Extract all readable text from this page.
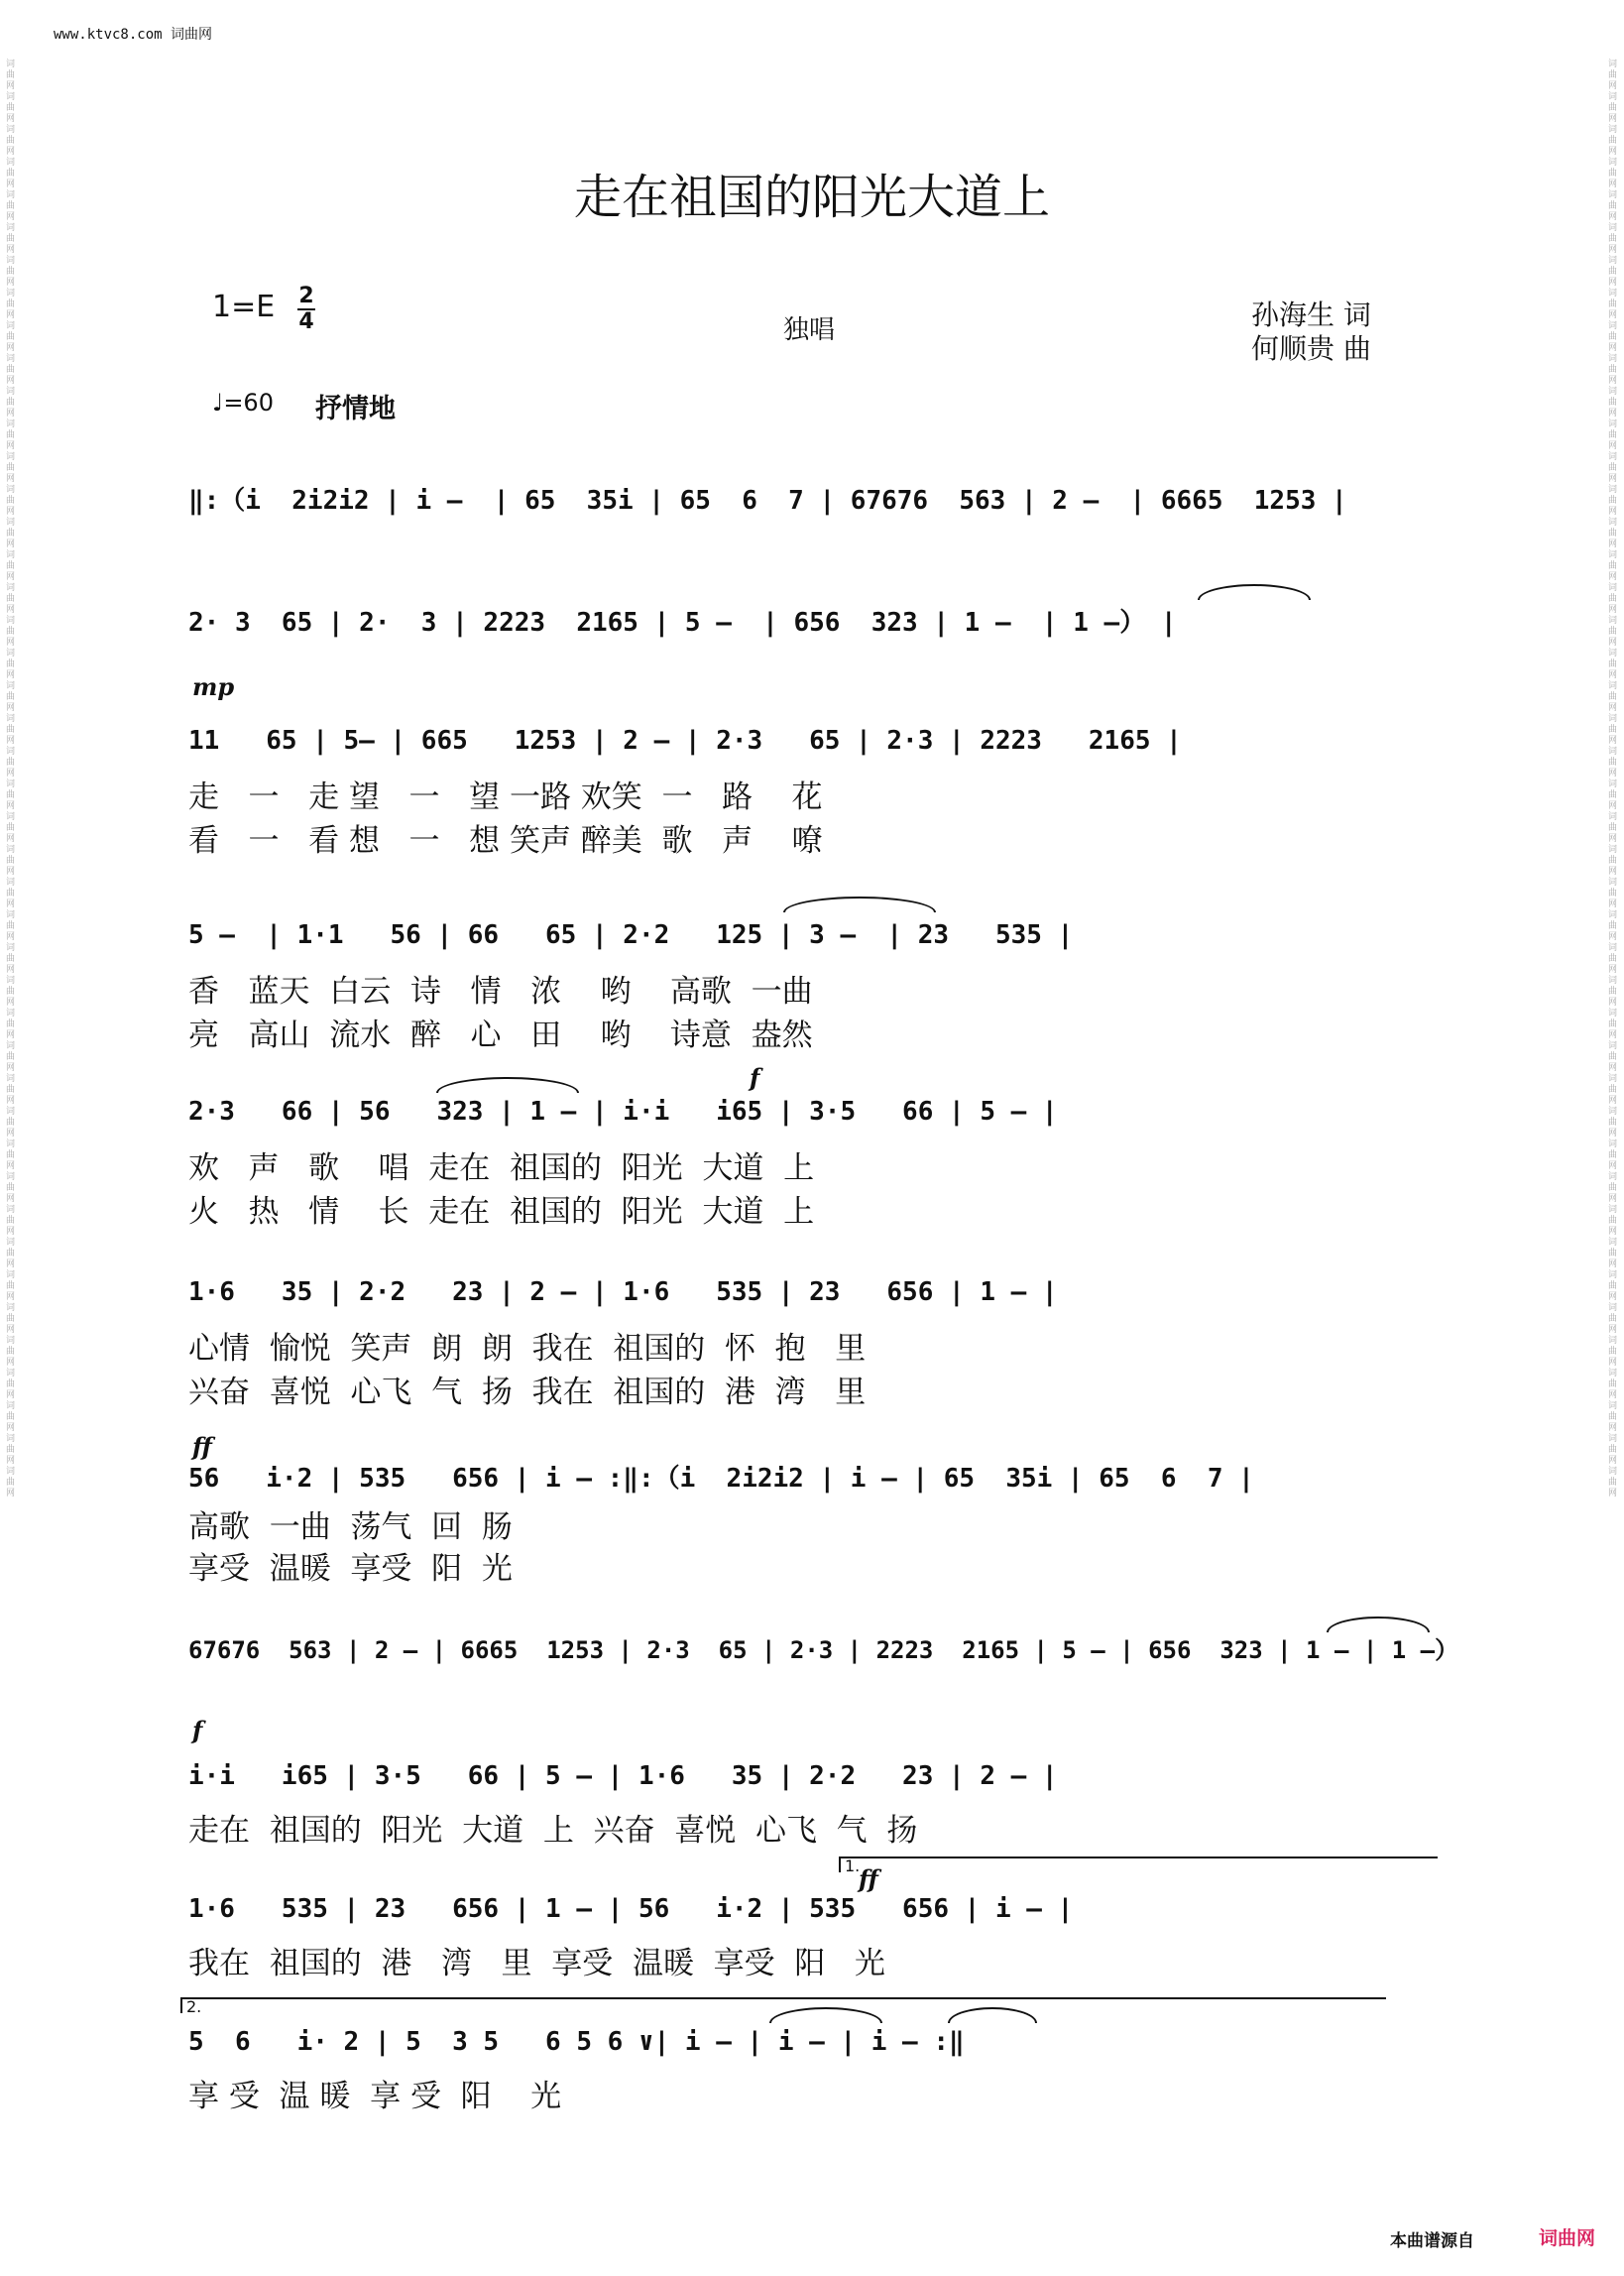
www.ktvc8.com 词曲网
词曲网词曲网词曲网词曲网词曲网词曲网词曲网词曲网词曲网词曲网词曲网词曲网词曲网词曲网词曲网词曲网词曲网词曲网词曲网词曲网词曲网词曲网词曲网词曲网词曲网词曲网词曲网词曲网词曲网词曲网词曲网词曲网词曲网词曲网词曲网词曲网词曲网词曲网词曲网词曲网词曲网词曲网词曲网词曲网
词曲网词曲网词曲网词曲网词曲网词曲网词曲网词曲网词曲网词曲网词曲网词曲网词曲网词曲网词曲网词曲网词曲网词曲网词曲网词曲网词曲网词曲网词曲网词曲网词曲网词曲网词曲网词曲网词曲网词曲网词曲网词曲网词曲网词曲网词曲网词曲网词曲网词曲网词曲网词曲网词曲网词曲网词曲网词曲网
走在祖国的阳光大道上
1=E 2
4	独唱	孙海生 词
何顺贵 曲
♩=60 抒情地
‖:（i  2i2i2 | i –  | 65  35i | 65  6  7 | 67676  563 | 2 –  | 6665  1253 |
2· 3  65 | 2·  3 | 2223  2165 | 5 –  | 656  323 | 1 –  | 1 –） |
mp
11   65 | 5– | 665   1253 | 2 – | 2·3   65 | 2·3 | 2223   2165 |
走   一   走 望   一   望 一路 欢笑  一   路    花
看   一   看 想   一   想 笑声 醉美  歌   声    嘹
5 –  | 1·1   56 | 66   65 | 2·2   125 | 3 –  | 23   535 |
香   蓝天  白云  诗   情   浓    哟    高歌  一曲
亮   高山  流水  醉   心   田    哟    诗意  盎然
f
2·3   66 | 56   323 | 1 – | i·i   i65 | 3·5   66 | 5 – |
欢   声   歌    唱  走在  祖国的  阳光  大道  上
火   热   情    长  走在  祖国的  阳光  大道  上
1·6   35 | 2·2   23 | 2 – | 1·6   535 | 23   656 | 1 – |
心情  愉悦  笑声  朗  朗  我在  祖国的  怀  抱   里
兴奋  喜悦  心飞  气  扬  我在  祖国的  港  湾   里
ff
56   i·2 | 535   656 | i – :‖:（i  2i2i2 | i – | 65  35i | 65  6  7 |
高歌  一曲  荡气  回  肠
享受  温暖  享受  阳  光
67676  563 | 2 – | 6665  1253 | 2·3  65 | 2·3 | 2223  2165 | 5 – | 656  323 | 1 – | 1 –）
f
i·i   i65 | 3·5   66 | 5 – | 1·6   35 | 2·2   23 | 2 – |
走在  祖国的  阳光  大道  上  兴奋  喜悦  心飞  气  扬
1.
ff
1·6   535 | 23   656 | 1 – | 56   i·2 | 535   656 | i – |
我在  祖国的  港   湾   里  享受  温暖  享受  阳   光
2.
5  6   i· 2 | 5  3 5   6 5 6 ∨| i – | i – | i – :‖
享 受  温 暖  享 受  阳    光
本曲谱源自	词曲网
